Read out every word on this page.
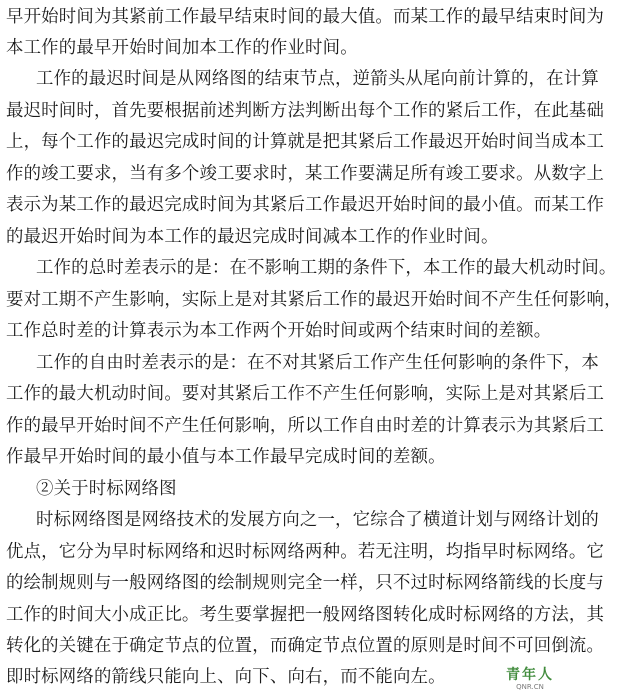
早开始时间为其紧前工作最早结束时间的最大值。而某工作的最早结束时间为
本工作的最早开始时间加本工作的作业时间。
工作的最迟时间是从网络图的结束节点，逆箭头从尾向前计算的，在计算
最迟时间时，首先要根据前述判断方法判断出每个工作的紧后工作，在此基础
上，每个工作的最迟完成时间的计算就是把其紧后工作最迟开始时间当成本工
作的竣工要求，当有多个竣工要求时，某工作要满足所有竣工要求。从数字上
表示为某工作的最迟完成时间为其紧后工作最迟开始时间的最小值。而某工作
的最迟开始时间为本工作的最迟完成时间减本工作的作业时间。
工作的总时差表示的是：在不影响工期的条件下，本工作的最大机动时间。
要对工期不产生影响，实际上是对其紧后工作的最迟开始时间不产生任何影响，
工作总时差的计算表示为本工作两个开始时间或两个结束时间的差额。
工作的自由时差表示的是：在不对其紧后工作产生任何影响的条件下，本
工作的最大机动时间。要对其紧后工作不产生任何影响，实际上是对其紧后工
作的最早开始时间不产生任何影响，所以工作自由时差的计算表示为其紧后工
作最早开始时间的最小值与本工作最早完成时间的差额。
②关于时标网络图
时标网络图是网络技术的发展方向之一，它综合了横道计划与网络计划的
优点，它分为早时标网络和迟时标网络两种。若无注明，均指早时标网络。它
的绘制规则与一般网络图的绘制规则完全一样，只不过时标网络箭线的长度与
工作的时间大小成正比。考生要掌握把一般网络图转化成时标网络的方法，其
转化的关键在于确定节点的位置，而确定节点位置的原则是时间不可回倒流。
即时标网络的箭线只能向上、向下、向右，而不能向左。	青年人
QNR.CN
